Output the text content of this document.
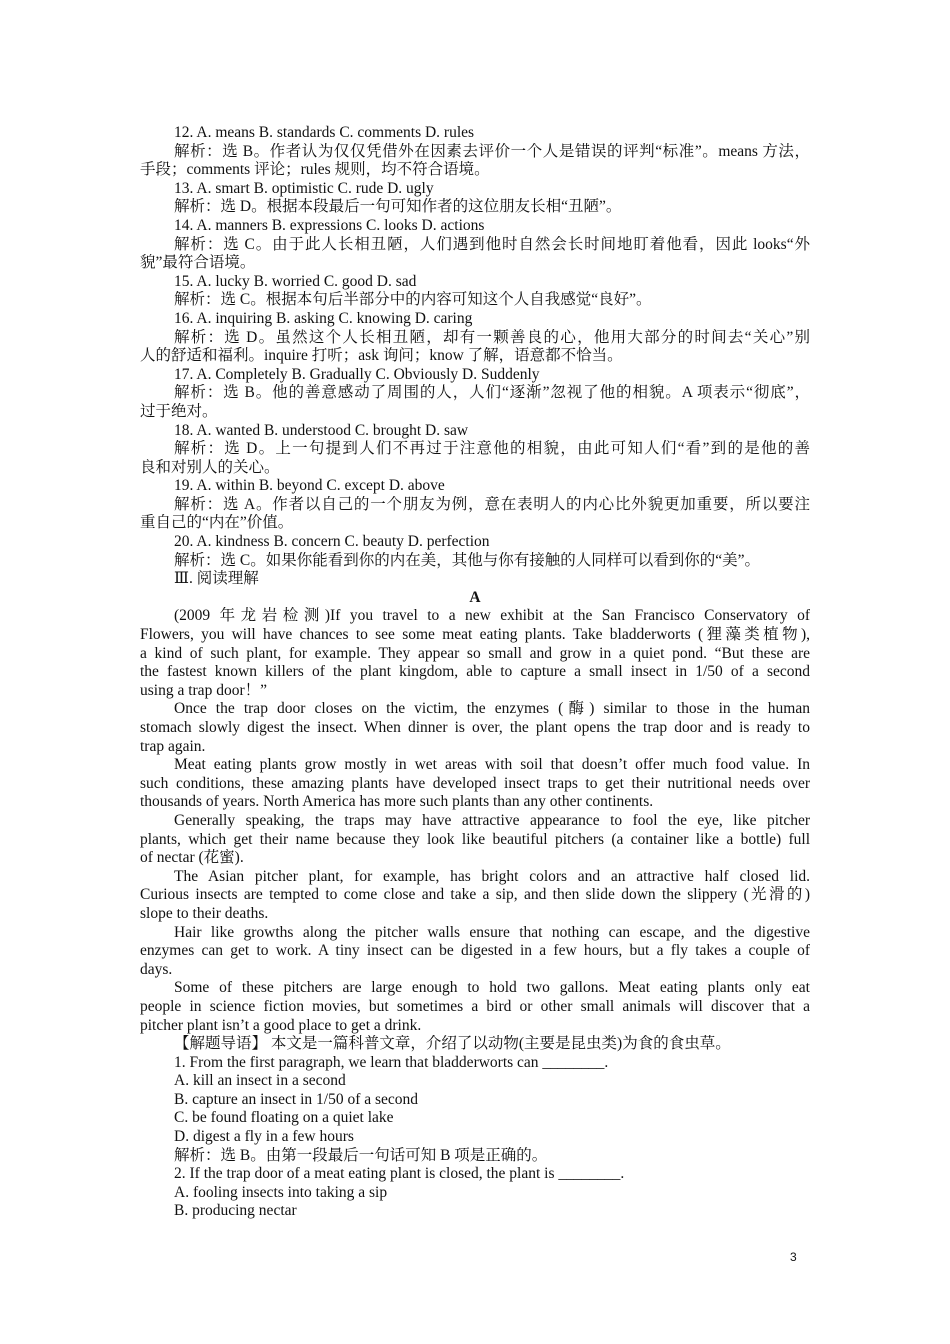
12. A. means B. standards C. comments D. rules
解析：选 B。作者认为仅仅凭借外在因素去评价一个人是错误的评判“标准”。means 方法，
手段；comments 评论；rules 规则，均不符合语境。
13. A. smart B. optimistic C. rude D. ugly
解析：选 D。根据本段最后一句可知作者的这位朋友长相“丑陋”。
14. A. manners B. expressions C. looks D. actions
解析：选 C。由于此人长相丑陋，人们遇到他时自然会长时间地盯着他看，因此 looks“外
貌”最符合语境。
15. A. lucky B. worried C. good D. sad
解析：选 C。根据本句后半部分中的内容可知这个人自我感觉“良好”。
16. A. inquiring B. asking C. knowing D. caring
解析：选 D。虽然这个人长相丑陋，却有一颗善良的心，他用大部分的时间去“关心”别
人的舒适和福利。inquire 打听；ask 询问；know 了解，语意都不恰当。
17. A. Completely B. Gradually C. Obviously D. Suddenly
解析：选 B。他的善意感动了周围的人，人们“逐渐”忽视了他的相貌。A 项表示“彻底”，
过于绝对。
18. A. wanted B. understood C. brought D. saw
解析：选 D。上一句提到人们不再过于注意他的相貌，由此可知人们“看”到的是他的善
良和对别人的关心。
19. A. within B. beyond C. except D. above
解析：选 A。作者以自己的一个朋友为例，意在表明人的内心比外貌更加重要，所以要注
重自己的“内在”价值。
20. A. kindness B. concern C. beauty D. perfection
解析：选 C。如果你能看到你的内在美，其他与你有接触的人同样可以看到你的“美”。
Ⅲ. 阅读理解
A
(2009 年龙岩检测)If you travel to a new exhibit at the San Francisco Conservatory of
Flowers, you will have chances to see some meat eating plants. Take bladderworts (狸藻类植物),
a kind of such plant, for example. They appear so small and grow in a quiet pond. “But these are
the fastest known killers of the plant kingdom, able to capture a small insect in 1/50 of a second
using a trap door！”
Once the trap door closes on the victim, the enzymes (酶) similar to those in the human
stomach slowly digest the insect. When dinner is over, the plant opens the trap door and is ready to
trap again.
Meat eating plants grow mostly in wet areas with soil that doesn’t offer much food value. In
such conditions, these amazing plants have developed insect traps to get their nutritional needs over
thousands of years. North America has more such plants than any other continents.
Generally speaking, the traps may have attractive appearance to fool the eye, like pitcher
plants, which get their name because they look like beautiful pitchers (a container like a bottle) full
of nectar (花蜜).
The Asian pitcher plant, for example, has bright colors and an attractive half closed lid.
Curious insects are tempted to come close and take a sip, and then slide down the slippery (光滑的)
slope to their deaths.
Hair like growths along the pitcher walls ensure that nothing can escape, and the digestive
enzymes can get to work. A tiny insect can be digested in a few hours, but a fly takes a couple of
days.
Some of these pitchers are large enough to hold two gallons. Meat eating plants only eat
people in science fiction movies, but sometimes a bird or other small animals will discover that a
pitcher plant isn’t a good place to get a drink.
【解题导语】 本文是一篇科普文章，介绍了以动物(主要是昆虫类)为食的食虫草。
1. From the first paragraph, we learn that bladderworts can ________.
A. kill an insect in a second
B. capture an insect in 1/50 of a second
C. be found floating on a quiet lake
D. digest a fly in a few hours
解析：选 B。由第一段最后一句话可知 B 项是正确的。
2. If the trap door of a meat eating plant is closed, the plant is ________.
A. fooling insects into taking a sip
B. producing nectar
3
